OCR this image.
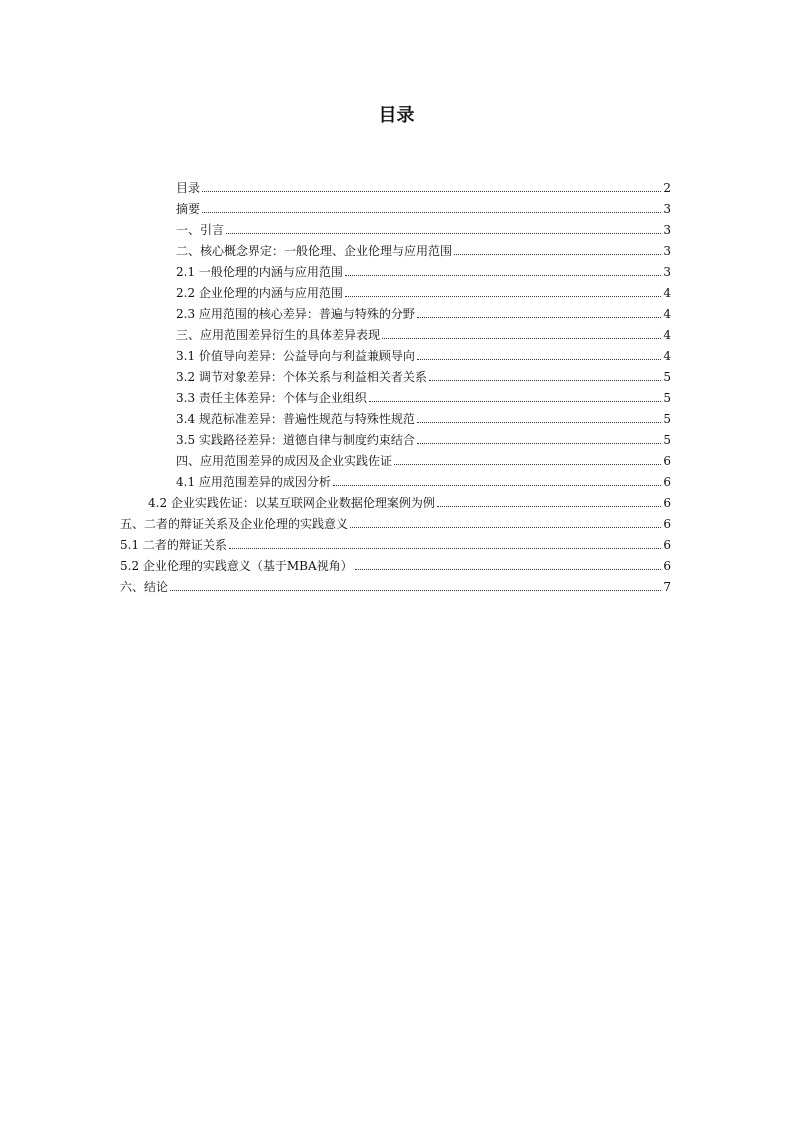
目录
目录	2
摘要	3
一、引言	3
二、核心概念界定：一般伦理、企业伦理与应用范围	3
2.1 一般伦理的内涵与应用范围	3
2.2 企业伦理的内涵与应用范围	4
2.3 应用范围的核心差异：普遍与特殊的分野	4
三、应用范围差异衍生的具体差异表现	4
3.1 价值导向差异：公益导向与利益兼顾导向	4
3.2 调节对象差异：个体关系与利益相关者关系	5
3.3 责任主体差异：个体与企业组织	5
3.4 规范标准差异：普遍性规范与特殊性规范	5
3.5 实践路径差异：道德自律与制度约束结合	5
四、应用范围差异的成因及企业实践佐证	6
4.1 应用范围差异的成因分析	6
4.2 企业实践佐证：以某互联网企业数据伦理案例为例	6
五、二者的辩证关系及企业伦理的实践意义	6
5.1 二者的辩证关系	6
5.2 企业伦理的实践意义（基于MBA视角）	6
六、结论	7
